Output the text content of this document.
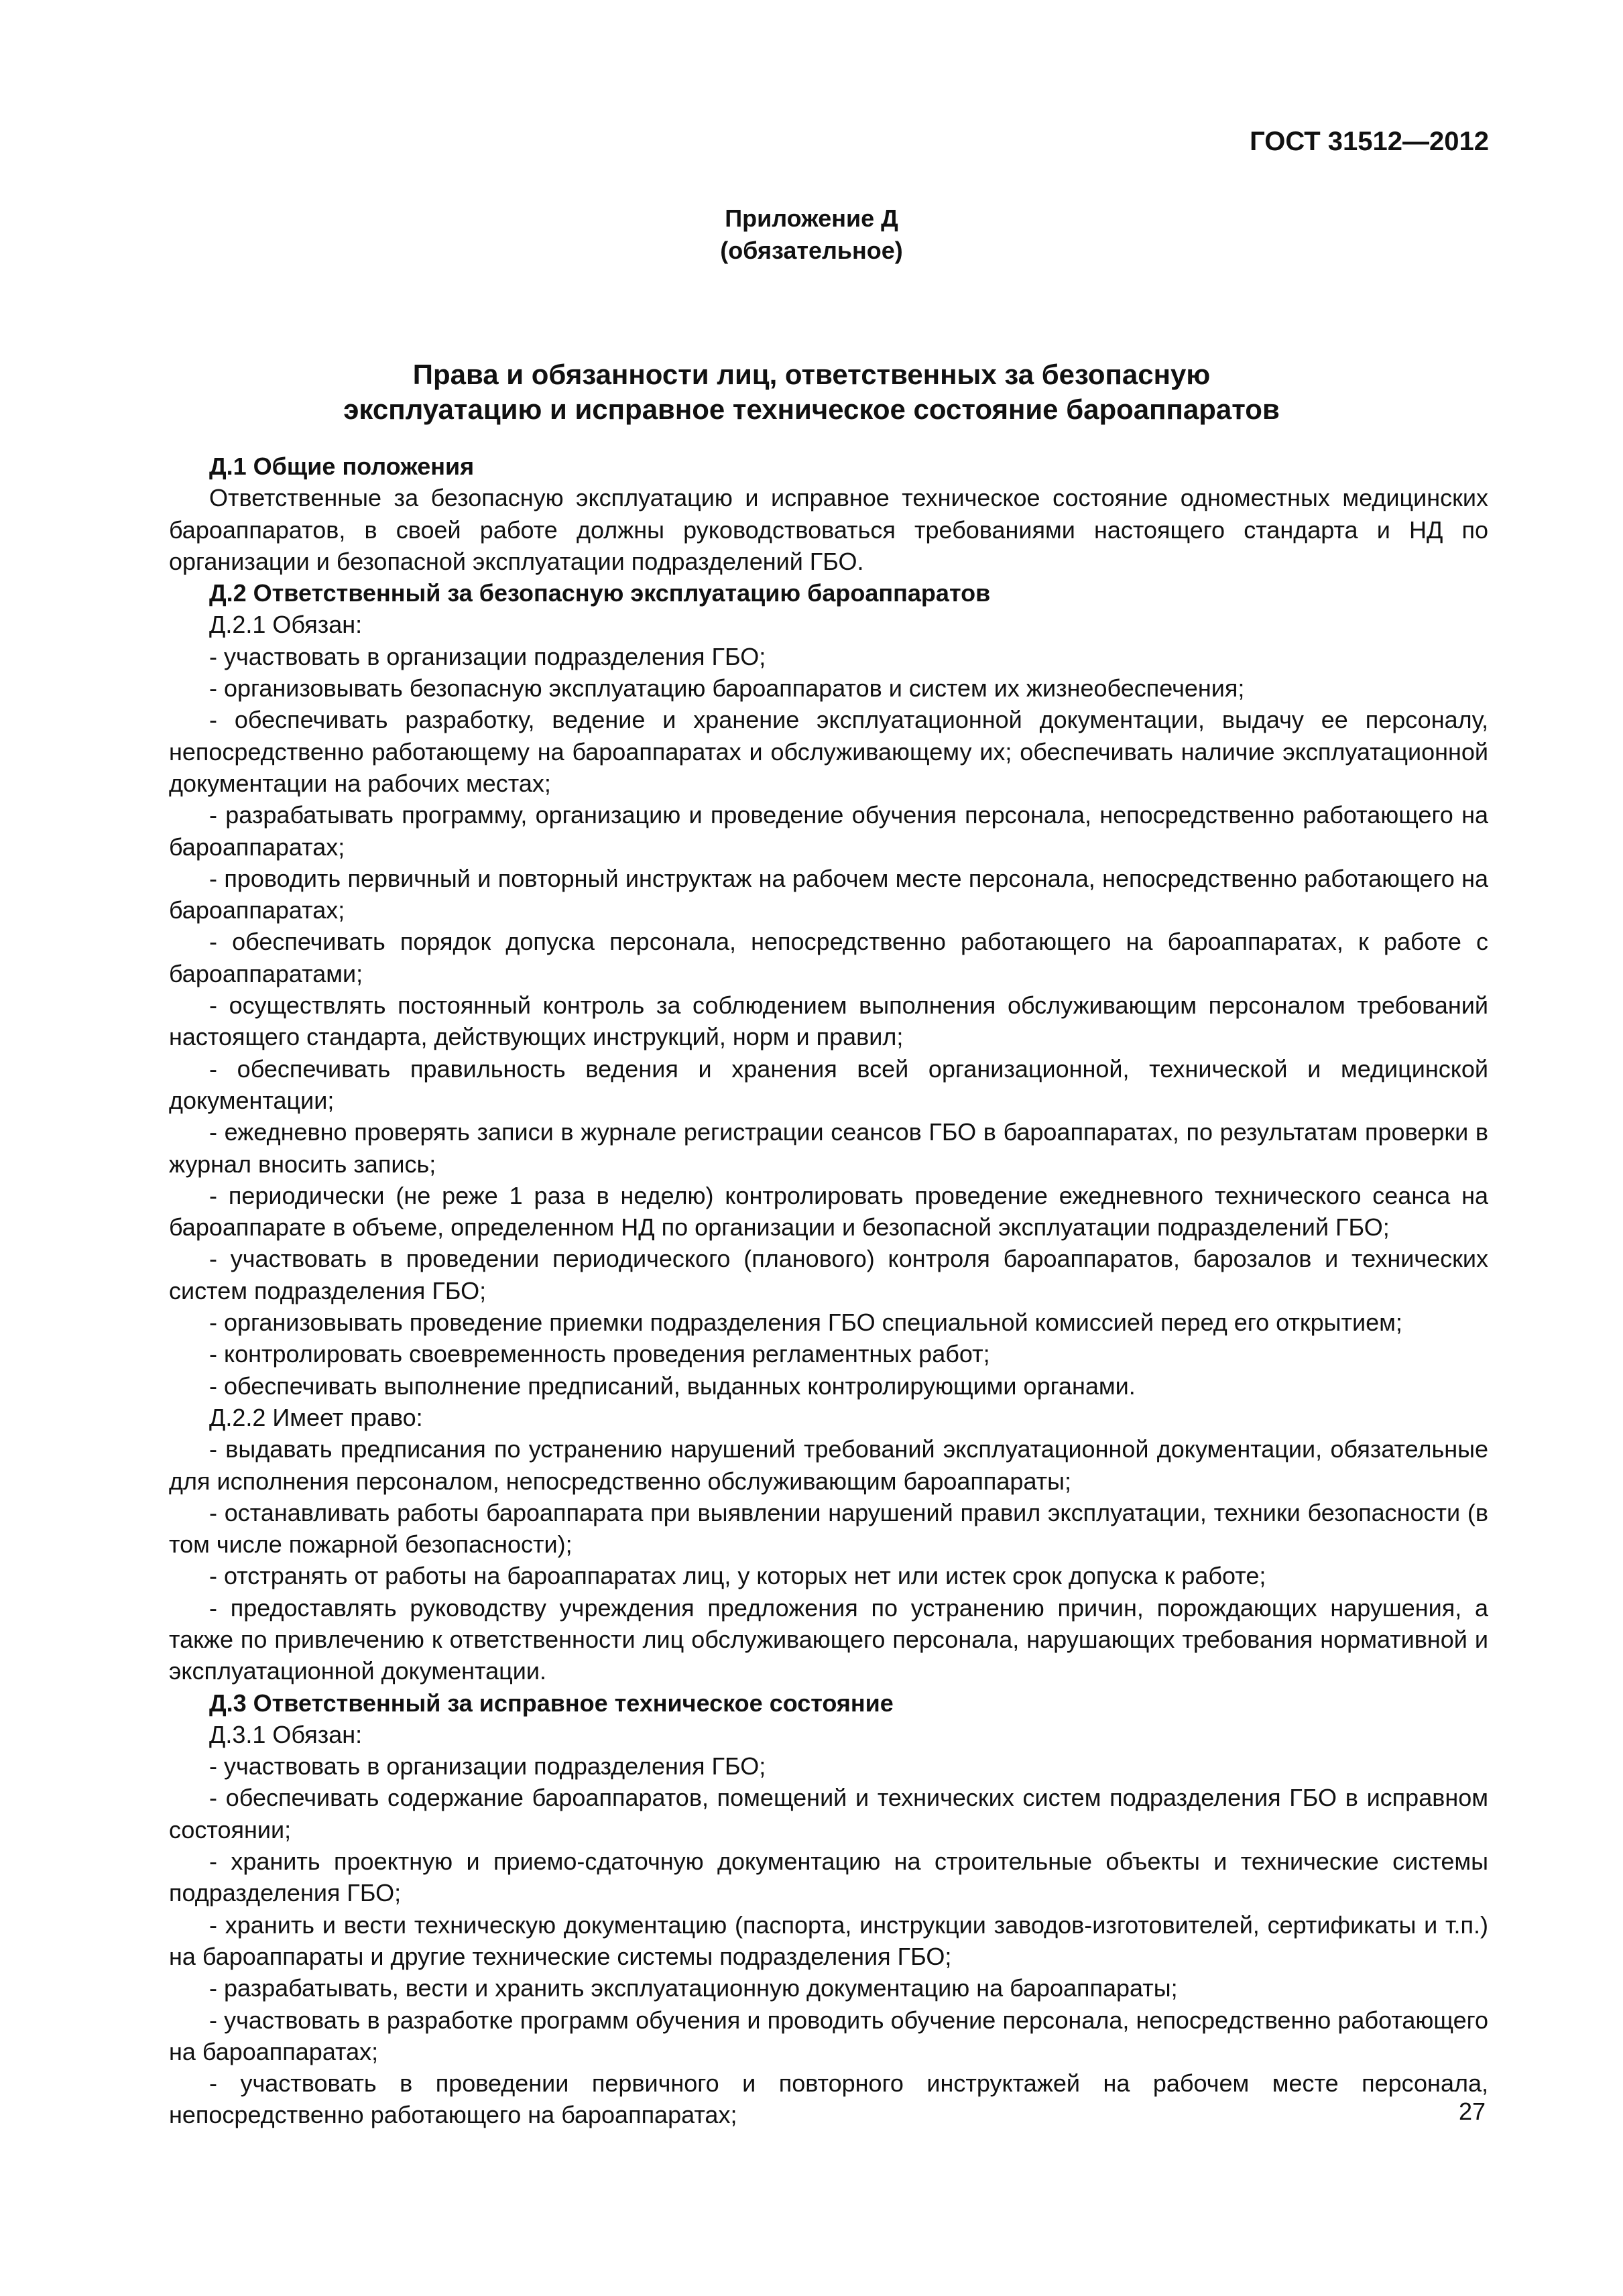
ГОСТ 31512—2012
Приложение Д
(обязательное)
Права и обязанности лиц, ответственных за безопасную
эксплуатацию и исправное техническое состояние бароаппаратов

Д.1 Общие положения

Ответственные за безопасную эксплуатацию и исправное техническое состояние одноместных медицинских бароаппаратов, в своей работе должны руководствоваться требованиями настоящего стандарта и НД по организации и безопасной эксплуатации подразделений ГБО.

Д.2 Ответственный за безопасную эксплуатацию бароаппаратов

Д.2.1 Обязан:

- участвовать в организации подразделения ГБО;

- организовывать безопасную эксплуатацию бароаппаратов и систем их жизнеобеспечения;

- обеспечивать разработку, ведение и хранение эксплуатационной документации, выдачу ее персоналу, непосредственно работающему на бароаппаратах и обслуживающему их; обеспечивать наличие эксплуатационной документации на рабочих местах;

- разрабатывать программу, организацию и проведение обучения персонала, непосредственно работающего на бароаппаратах;

- проводить первичный и повторный инструктаж на рабочем месте персонала, непосредственно работающего на бароаппаратах;

- обеспечивать порядок допуска персонала, непосредственно работающего на бароаппаратах, к работе с бароаппаратами;

- осуществлять постоянный контроль за соблюдением выполнения обслуживающим персоналом требований настоящего стандарта, действующих инструкций, норм и правил;

- обеспечивать правильность ведения и хранения всей организационной, технической и медицинской документации;

- ежедневно проверять записи в журнале регистрации сеансов ГБО в бароаппаратах, по результатам проверки в журнал вносить запись;

- периодически (не реже 1 раза в неделю) контролировать проведение ежедневного технического сеанса на бароаппарате в объеме, определенном НД по организации и безопасной эксплуатации подразделений ГБО;

- участвовать в проведении периодического (планового) контроля бароаппаратов, барозалов и технических систем подразделения ГБО;

- организовывать проведение приемки подразделения ГБО специальной комиссией перед его открытием;

- контролировать своевременность проведения регламентных работ;

- обеспечивать выполнение предписаний, выданных контролирующими органами.

Д.2.2 Имеет право:

- выдавать предписания по устранению нарушений требований эксплуатационной документации, обязательные для исполнения персоналом, непосредственно обслуживающим бароаппараты;

- останавливать работы бароаппарата при выявлении нарушений правил эксплуатации, техники безопасности (в том числе пожарной безопасности);

- отстранять от работы на бароаппаратах лиц, у которых нет или истек срок допуска к работе;

- предоставлять руководству учреждения предложения по устранению причин, порождающих нарушения, а также по привлечению к ответственности лиц обслуживающего персонала, нарушающих требования нормативной и эксплуатационной документации.

Д.3 Ответственный за исправное техническое состояние

Д.3.1 Обязан:

- участвовать в организации подразделения ГБО;

- обеспечивать содержание бароаппаратов, помещений и технических систем подразделения ГБО в исправном состоянии;

- хранить проектную и приемо-сдаточную документацию на строительные объекты и технические системы подразделения ГБО;

- хранить и вести техническую документацию (паспорта, инструкции заводов-изготовителей, сертификаты и т.п.) на бароаппараты и другие технические системы подразделения ГБО;

- разрабатывать, вести и хранить эксплуатационную документацию на бароаппараты;

- участвовать в разработке программ обучения и проводить обучение персонала, непосредственно работающего на бароаппаратах;

- участвовать в проведении первичного и повторного инструктажей на рабочем месте персонала, непосредственно работающего на бароаппаратах;	27
